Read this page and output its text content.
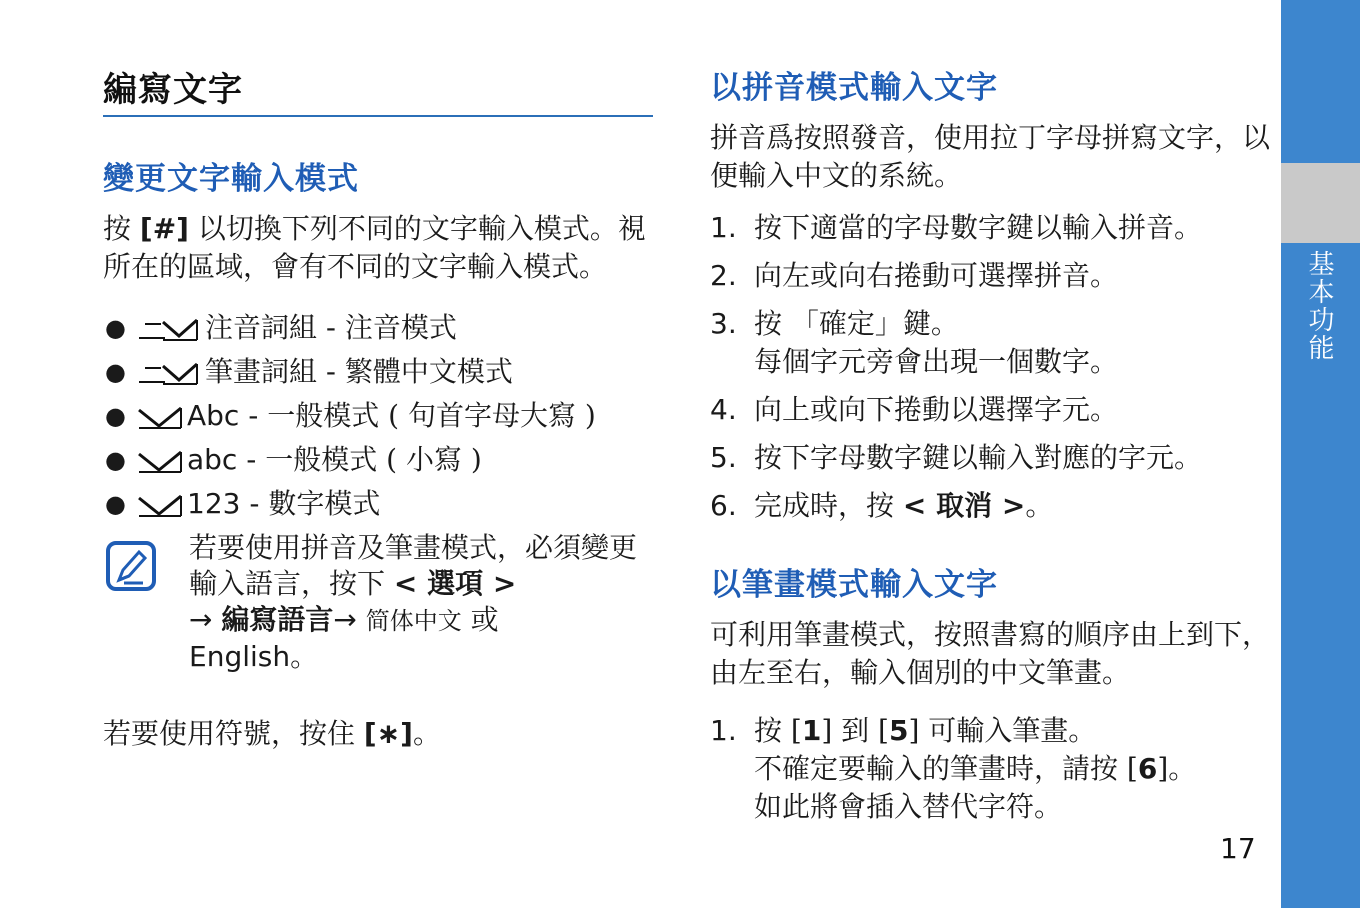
編寫文字
變更文字輸入模式

按 [#] 以切換下列不同的文字輸入模式。視所在的區域，會有不同的文字輸入模式。

●	注音詞組 - 注音模式
●	筆畫詞組 - 繁體中文模式
● Abc - 一般模式 ( 句首字母大寫 )
● abc - 一般模式 ( 小寫 )
● 123 - 數字模式

若要使用拼音及筆畫模式，必須變更輸入語言，按下 < 選項 >
→ 編寫語言→ 简体中文 或
English。

若要使用符號，按住 [∗]。

以拼音模式輸入文字

拼音爲按照發音，使用拉丁字母拼寫文字，以便輸入中文的系統。

1. 按下適當的字母數字鍵以輸入拼音。
2. 向左或向右捲動可選擇拼音。
3. 按 「確定」鍵。
每個字元旁會出現一個數字。
4. 向上或向下捲動以選擇字元。
5. 按下字母數字鍵以輸入對應的字元。
6. 完成時，按 < 取消 >。
以筆畫模式輸入文字

可利用筆畫模式，按照書寫的順序由上到下，由左至右，輸入個別的中文筆畫。

1. 按 [1] 到 [5] 可輸入筆畫。
不確定要輸入的筆畫時，請按 [6]。
如此將會插入替代字符。
基本功能
17
